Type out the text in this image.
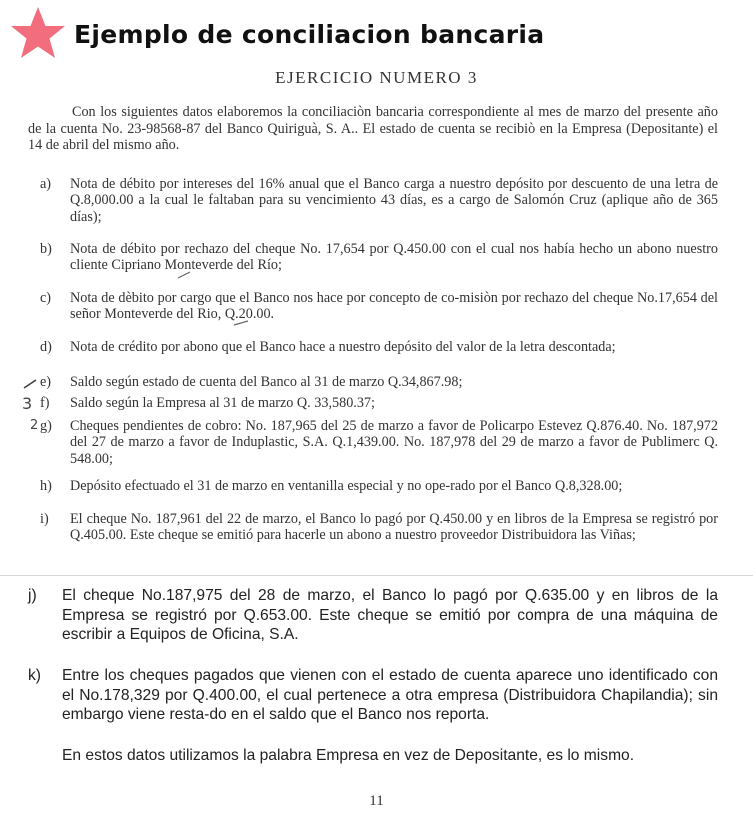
Ejemplo de conciliacion bancaria
EJERCICIO NUMERO 3
Con los siguientes datos elaboremos la conciliaciòn bancaria correspondiente al mes de marzo del presente año de la cuenta No. 23-98568-87 del Banco Quiriguà, S. A.. El estado de cuenta se recibiò en la Empresa (Depositante) el 14 de abril del mismo año.
a)	Nota de débito por intereses del 16% anual que el Banco carga a nuestro depósito por descuento de una letra de Q.8,000.00 a la cual le faltaban para su vencimiento 43 días, es a cargo de Salomón Cruz (aplique año de 365 días);
b)	Nota de débito por rechazo del cheque No. 17,654 por Q.450.00 con el cual nos había hecho un abono nuestro cliente Cipriano Monteverde del Río;
c)	Nota de dèbito por cargo que el Banco nos hace por concepto de co-misiòn por rechazo del cheque No.17,654 del señor Monteverde del Rio, Q.20.00.
d)	Nota de crédito por abono que el Banco hace a nuestro depósito del valor de la letra descontada;
e)	Saldo según estado de cuenta del Banco al 31 de marzo Q.34,867.98;
f)	Saldo según la Empresa al 31 de marzo Q. 33,580.37;
g)	Cheques pendientes de cobro: No. 187,965 del 25 de marzo a favor de Policarpo Estevez Q.876.40. No. 187,972 del 27 de marzo a favor de Induplastic, S.A. Q.1,439.00. No. 187,978 del 29 de marzo a favor de Publimerc Q. 548.00;
h)	Depósito efectuado el 31 de marzo en ventanilla especial y no ope-rado por el Banco Q.8,328.00;
i)	El cheque No. 187,961 del 22 de marzo, el Banco lo pagó por Q.450.00 y en libros de la Empresa se registró por Q.405.00. Este cheque se emitió para hacerle un abono a nuestro proveedor Distribuidora las Viñas;
3
2
j)	El cheque No.187,975 del 28 de marzo, el Banco lo pagó por Q.635.00 y en libros de la Empresa se registró por Q.653.00. Este cheque se emitió por compra de una máquina de escribir a Equipos de Oficina, S.A.
k)	Entre los cheques pagados que vienen con el estado de cuenta aparece uno identificado con el No.178,329 por Q.400.00, el cual pertenece a otra empresa (Distribuidora Chapilandia); sin embargo viene resta-do en el saldo que el Banco nos reporta.
En estos datos utilizamos la palabra Empresa en vez de Depositante, es lo mismo.
11
